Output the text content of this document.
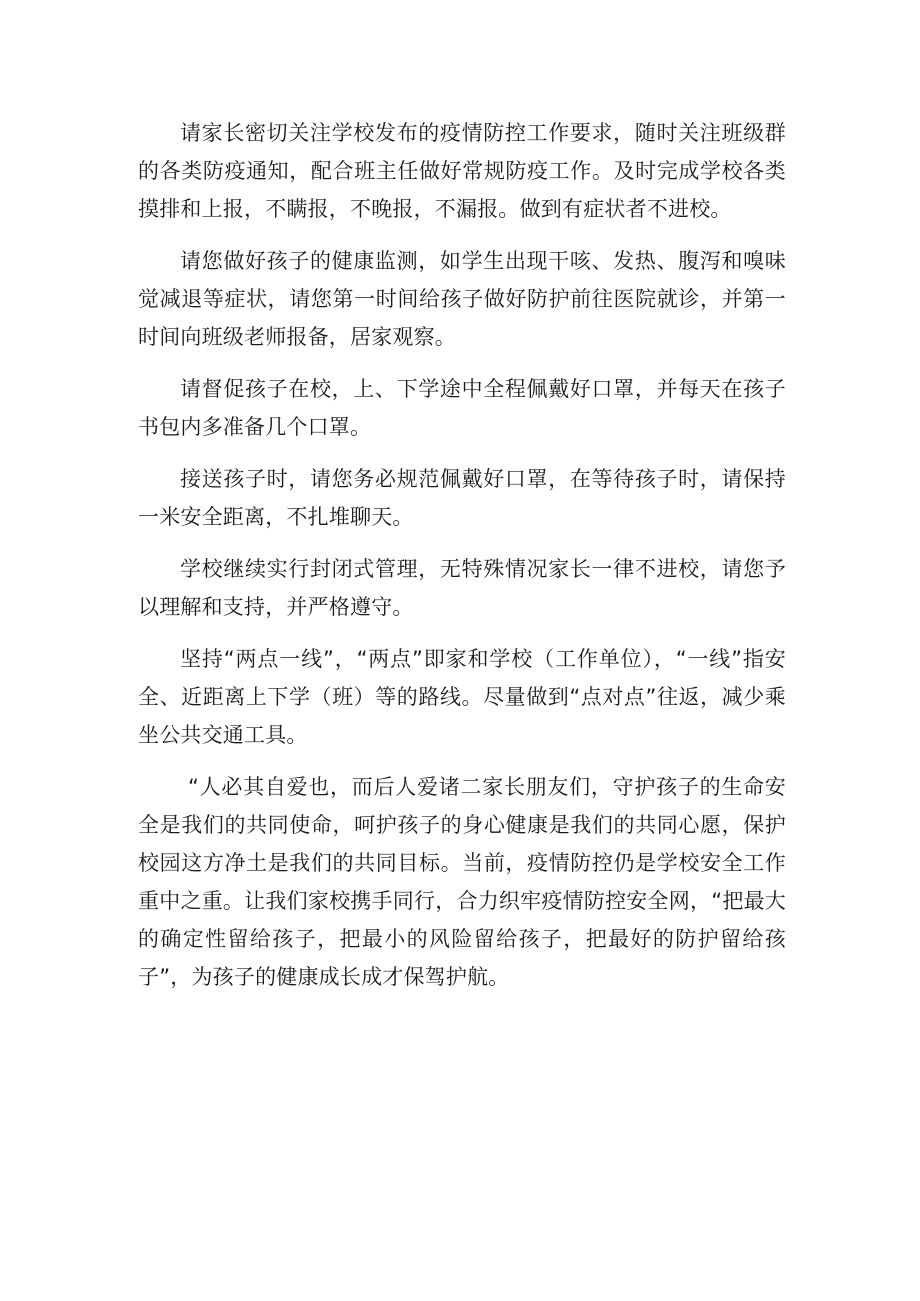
请家长密切关注学校发布的疫情防控工作要求，随时关注班级群的各类防疫通知，配合班主任做好常规防疫工作。及时完成学校各类摸排和上报，不瞒报，不晚报，不漏报。做到有症状者不进校。

请您做好孩子的健康监测，如学生出现干咳、发热、腹泻和嗅味觉减退等症状，请您第一时间给孩子做好防护前往医院就诊，并第一时间向班级老师报备，居家观察。

请督促孩子在校，上、下学途中全程佩戴好口罩，并每天在孩子书包内多准备几个口罩。

接送孩子时，请您务必规范佩戴好口罩，在等待孩子时，请保持一米安全距离，不扎堆聊天。

学校继续实行封闭式管理，无特殊情况家长一律不进校，请您予以理解和支持，并严格遵守。

坚持“两点一线”，“两点”即家和学校（工作单位），“一线”指安全、近距离上下学（班）等的路线。尽量做到“点对点”往返，减少乘坐公共交通工具。

“人必其自爱也，而后人爱诸二家长朋友们，守护孩子的生命安全是我们的共同使命，呵护孩子的身心健康是我们的共同心愿，保护校园这方净土是我们的共同目标。当前，疫情防控仍是学校安全工作重中之重。让我们家校携手同行，合力织牢疫情防控安全网，“把最大的确定性留给孩子，把最小的风险留给孩子，把最好的防护留给孩子”，为孩子的健康成长成才保驾护航。
